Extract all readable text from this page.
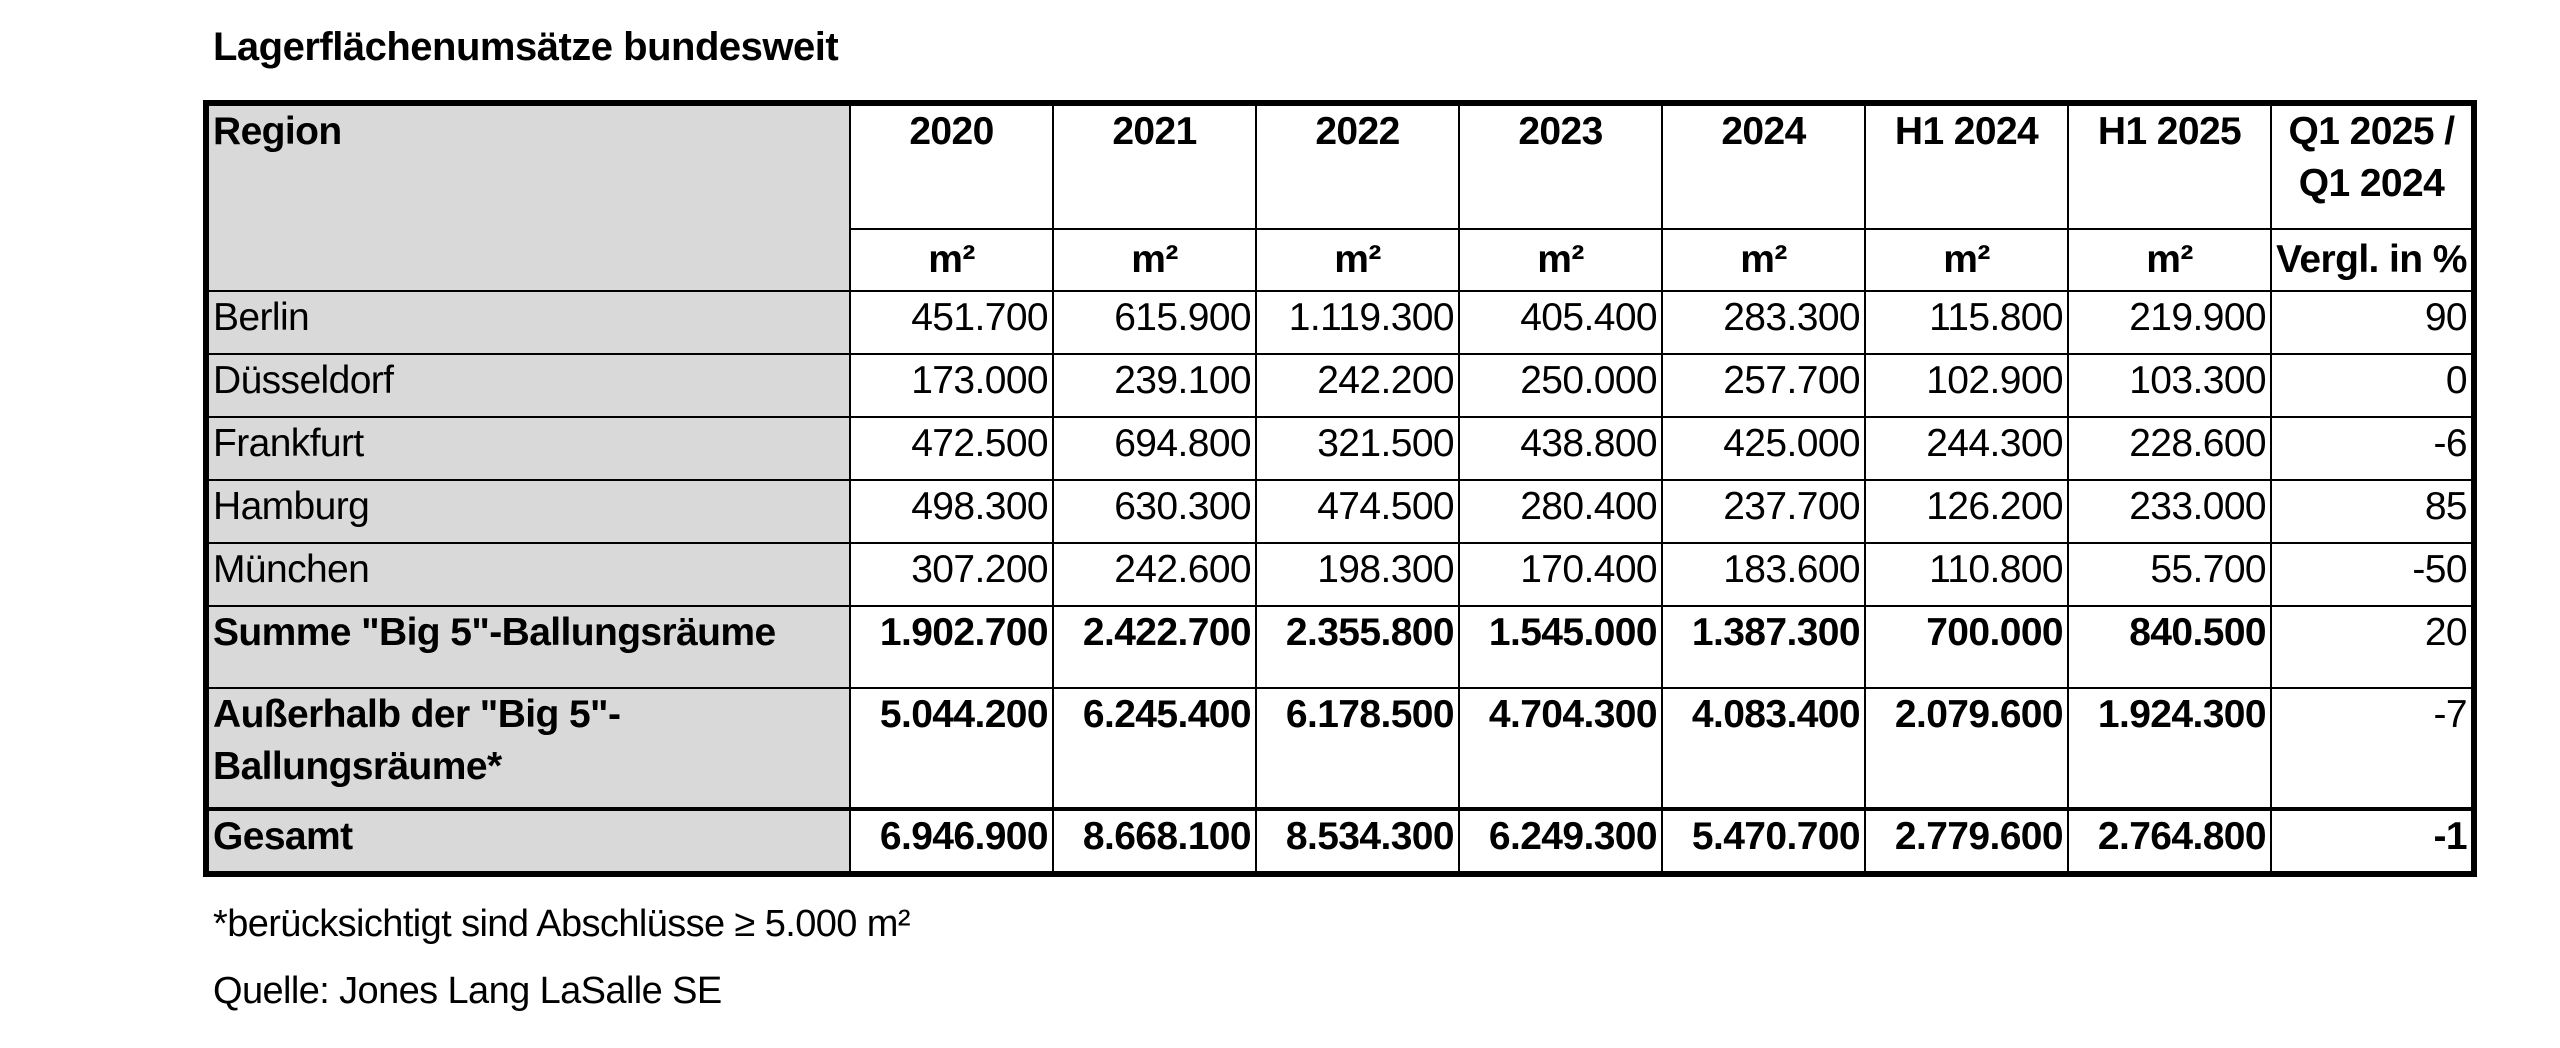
Lagerflächenumsätze bundesweit
Region	2020	2021	2022	2023	2024	H1 2024	H1 2025	Q1 2025 /
Q1 2024

	m²	m²	m²	m²	m²	m²	m²	Vergl. in %
Berlin	451.700	615.900	1.119.300	405.400	283.300	115.800	219.900	90
Düsseldorf	173.000	239.100	242.200	250.000	257.700	102.900	103.300	0
Frankfurt	472.500	694.800	321.500	438.800	425.000	244.300	228.600	-6
Hamburg	498.300	630.300	474.500	280.400	237.700	126.200	233.000	85
München	307.200	242.600	198.300	170.400	183.600	110.800	55.700	-50
Summe "Big 5"-Ballungsräume	1.902.700	2.422.700	2.355.800	1.545.000	1.387.300	700.000	840.500	20

Außerhalb der "Big 5"-
Ballungsräume*	5.044.200	6.245.400	6.178.500	4.704.300	4.083.400	2.079.600	1.924.300	-7
Gesamt	6.946.900	8.668.100	8.534.300	6.249.300	5.470.700	2.779.600	2.764.800	-1
*berücksichtigt sind Abschlüsse ≥ 5.000 m²
Quelle: Jones Lang LaSalle SE
